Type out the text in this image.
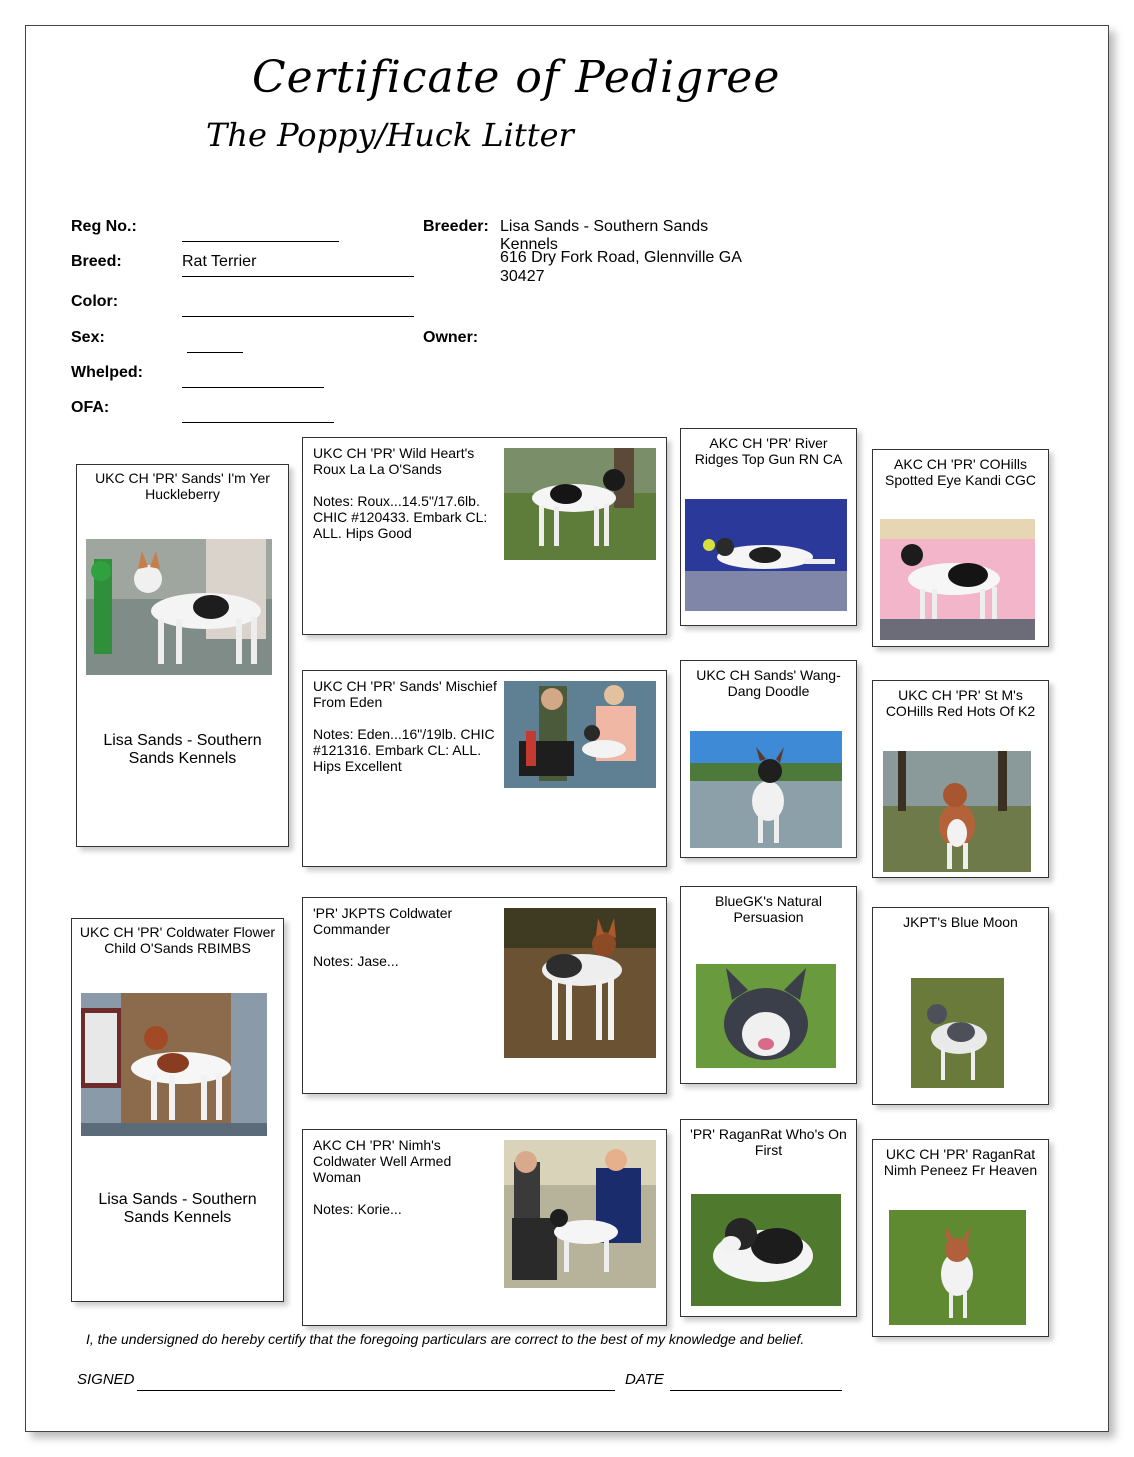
Certificate of Pedigree
The Poppy/Huck Litter
Reg No.:
Breed:	Rat Terrier
Color:
Sex:
Whelped:
OFA:
Breeder: Lisa Sands - Southern Sands Kennels
616 Dry Fork Road, Glennville GA 30427
Owner:
UKC CH 'PR' Sands' I'm Yer Huckleberry
Lisa Sands - Southern Sands Kennels
UKC CH 'PR' Coldwater Flower Child O'Sands RBIMBS
Lisa Sands - Southern Sands Kennels
UKC CH 'PR' Wild Heart's Roux La La O'Sands
Notes: Roux...14.5"/17.6lb. CHIC #120433. Embark CL: ALL. Hips Good
UKC CH 'PR' Sands' Mischief From Eden
Notes: Eden...16"/19lb. CHIC #121316. Embark CL: ALL. Hips Excellent
'PR' JKPTS Coldwater Commander
Notes: Jase...
AKC CH 'PR' Nimh's Coldwater Well Armed Woman
Notes: Korie...
AKC CH 'PR' River Ridges Top Gun RN CA
UKC CH Sands' Wang-Dang Doodle
BlueGK's Natural Persuasion
'PR' RaganRat Who's On First
AKC CH 'PR' COHills Spotted Eye Kandi CGC
UKC CH 'PR' St M's COHills Red Hots Of K2
JKPT's Blue Moon
UKC CH 'PR' RaganRat Nimh Peneez Fr Heaven
I, the undersigned do hereby certify that the foregoing particulars are correct to the best of my knowledge and belief.
SIGNED	DATE
